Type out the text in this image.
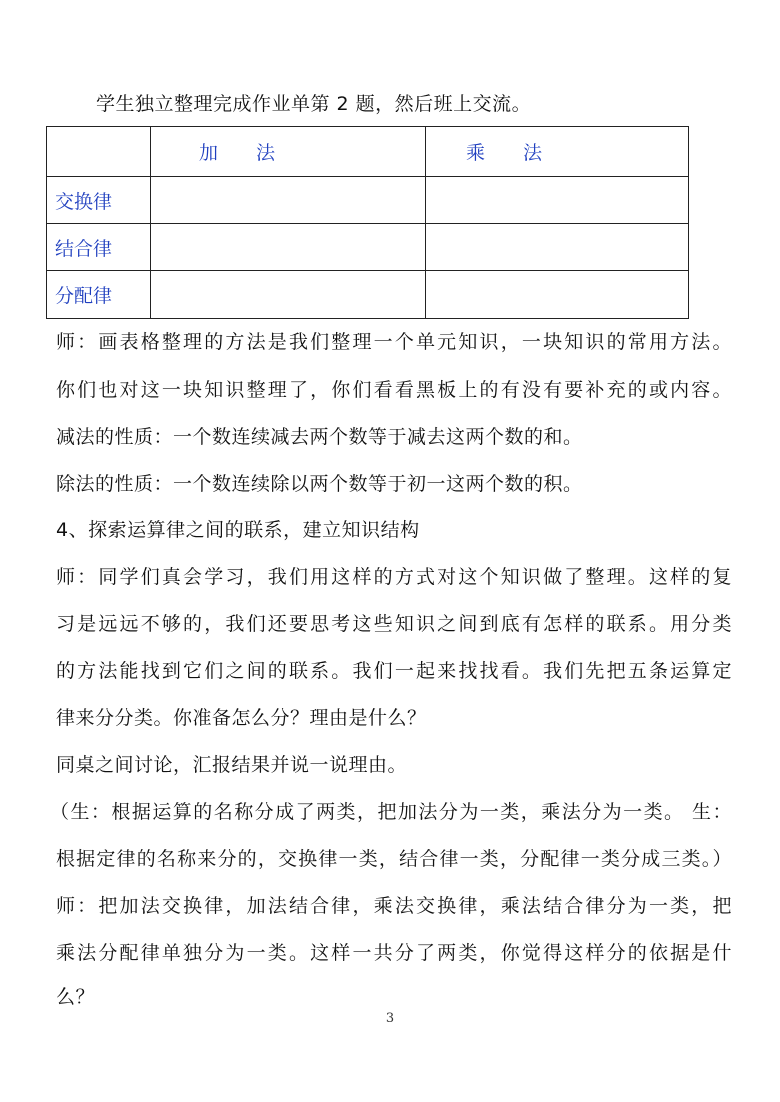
学生独立整理完成作业单第 2 题，然后班上交流。
	加　　法	乘　　法
交换律		
结合律		
分配律		
师：画表格整理的方法是我们整理一个单元知识，一块知识的常用方法。
你们也对这一块知识整理了，你们看看黑板上的有没有要补充的或内容。
减法的性质：一个数连续减去两个数等于减去这两个数的和。
除法的性质：一个数连续除以两个数等于初一这两个数的积。
4、探索运算律之间的联系，建立知识结构
师：同学们真会学习，我们用这样的方式对这个知识做了整理。这样的复
习是远远不够的，我们还要思考这些知识之间到底有怎样的联系。用分类
的方法能找到它们之间的联系。我们一起来找找看。我们先把五条运算定
律来分分类。你准备怎么分？理由是什么？
同桌之间讨论，汇报结果并说一说理由。
（生：根据运算的名称分成了两类，把加法分为一类，乘法分为一类。 生：
根据定律的名称来分的，交换律一类，结合律一类，分配律一类分成三类。）
师：把加法交换律，加法结合律，乘法交换律，乘法结合律分为一类，把
乘法分配律单独分为一类。这样一共分了两类，你觉得这样分的依据是什
么？
3
